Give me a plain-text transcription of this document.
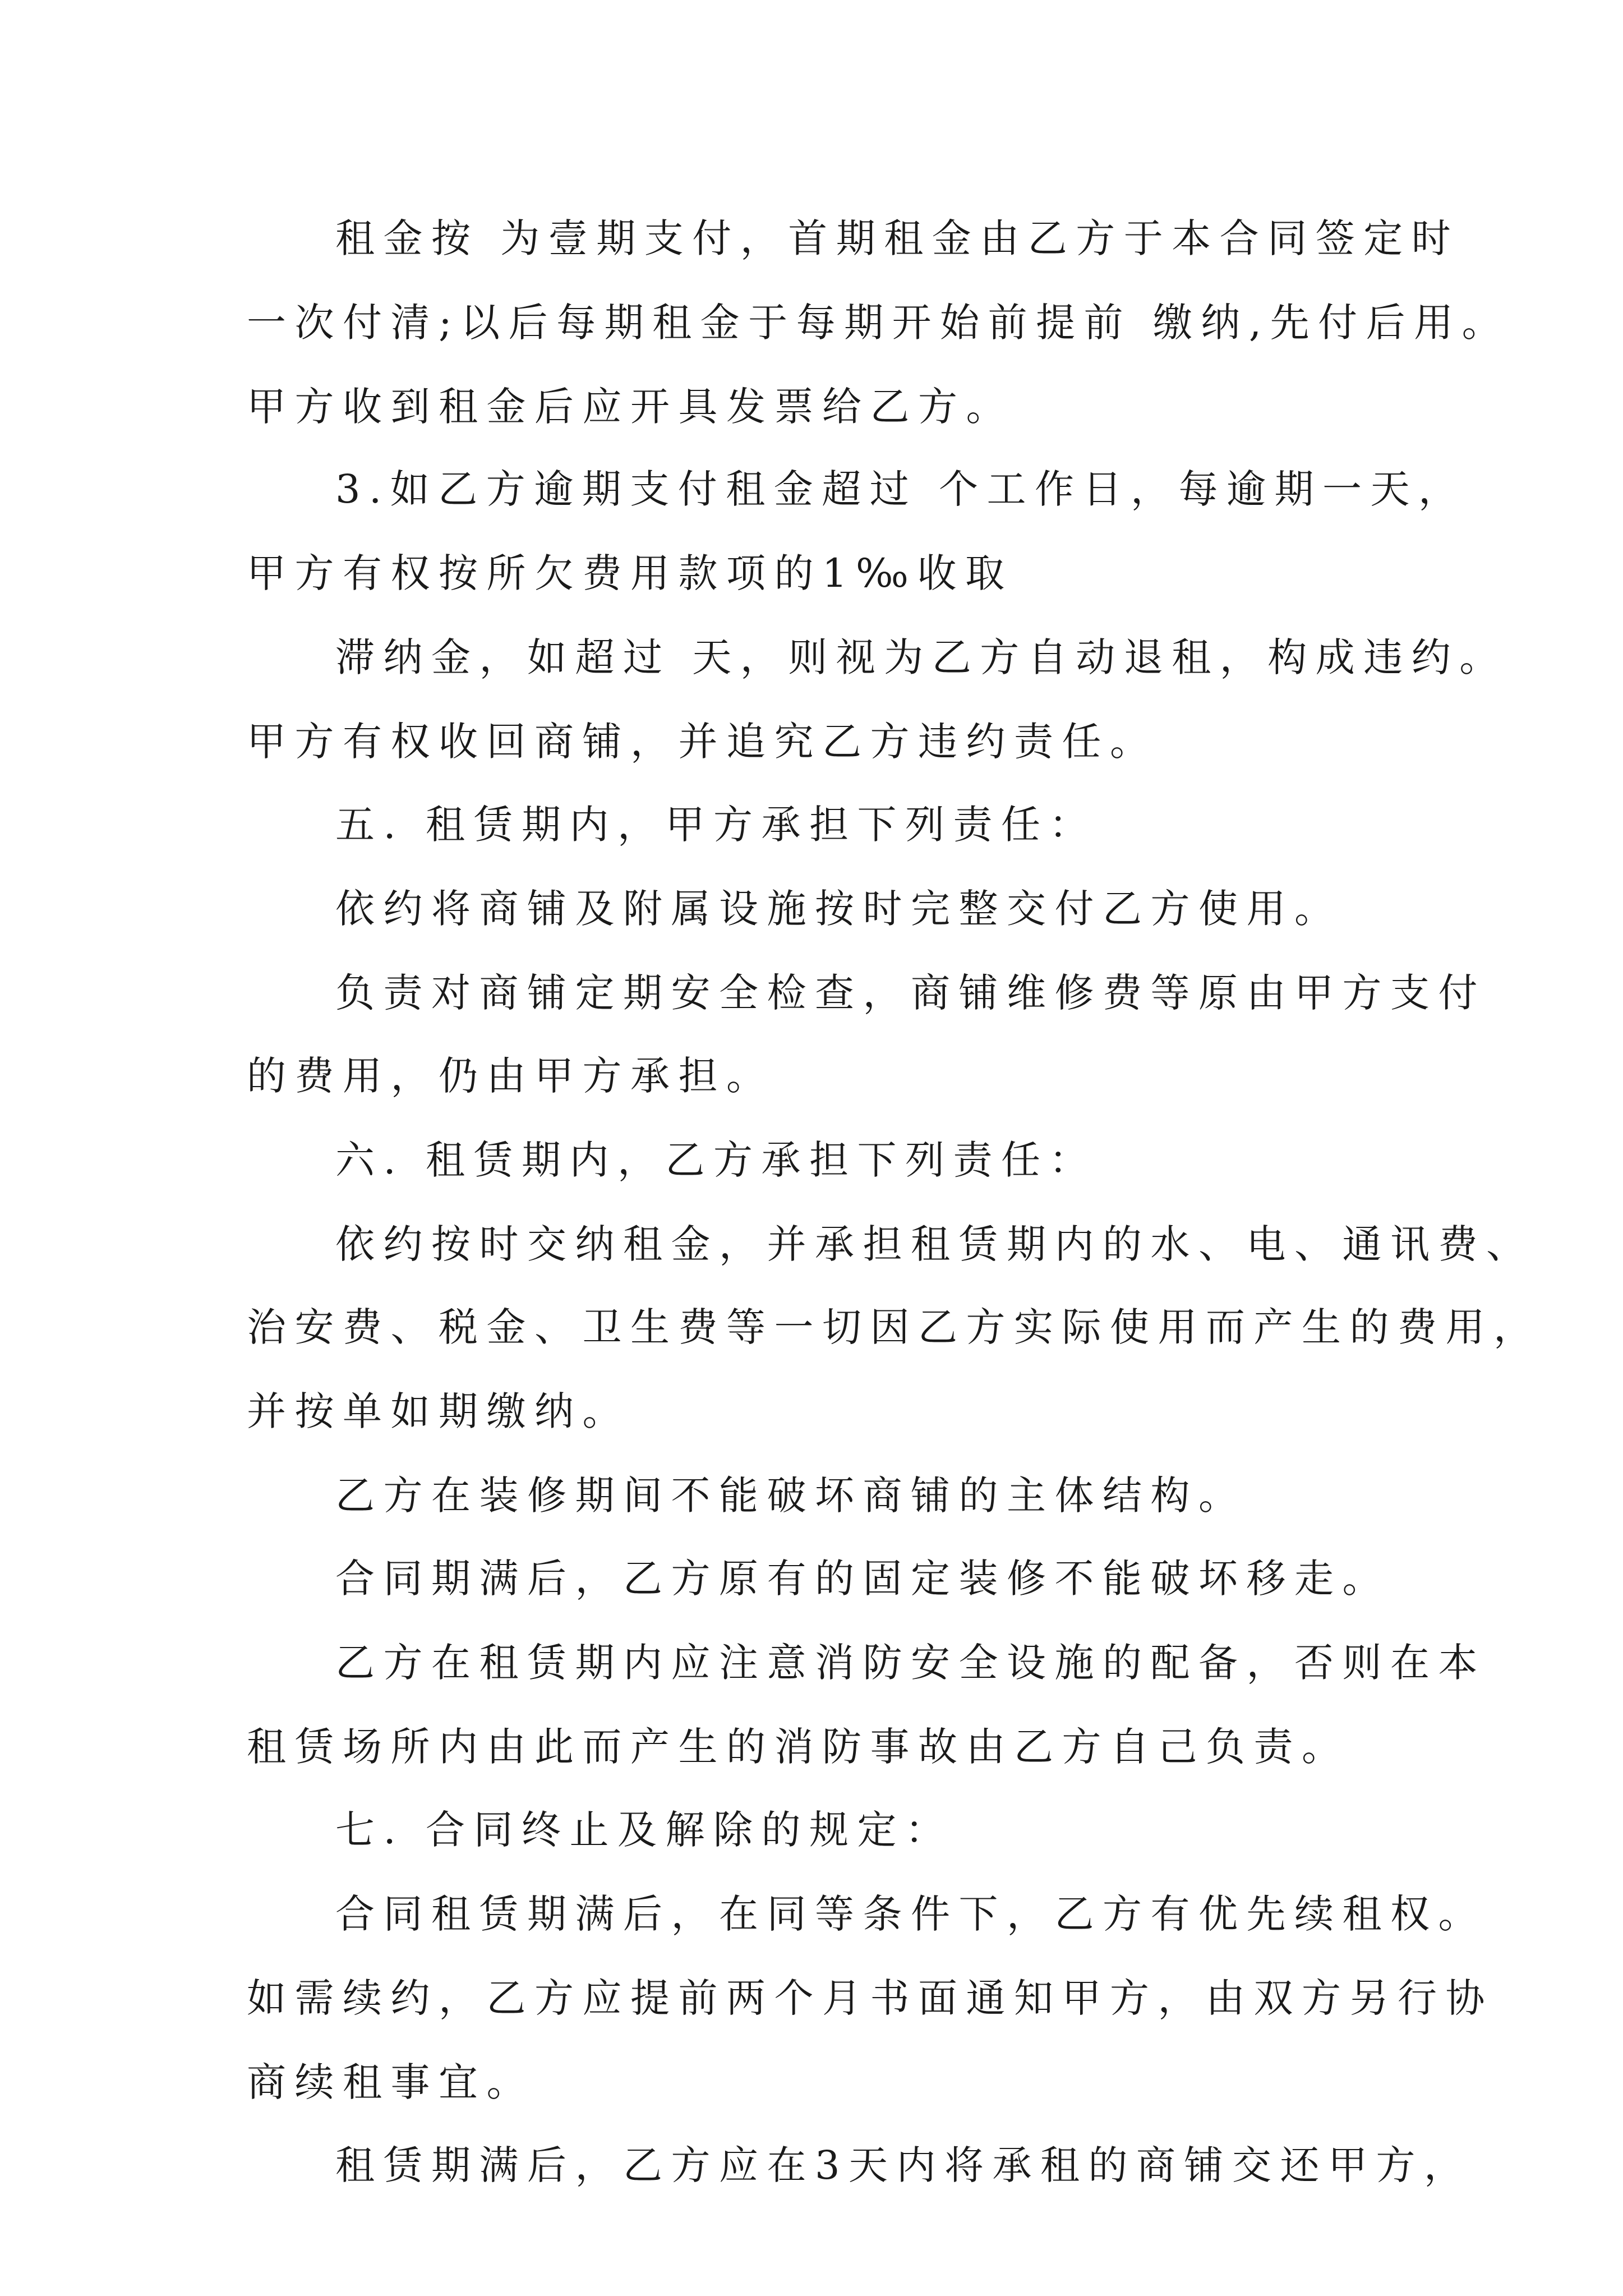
租金按 为壹期支付，首期租金由乙方于本合同签定时
一次付清;以后每期租金于每期开始前提前 缴纳,先付后用。
甲方收到租金后应开具发票给乙方。
3.如乙方逾期支付租金超过 个工作日，每逾期一天，
甲方有权按所欠费用款项的1‰收取
滞纳金，如超过 天，则视为乙方自动退租，构成违约。
甲方有权收回商铺，并追究乙方违约责任。
五. 租赁期内，甲方承担下列责任：
依约将商铺及附属设施按时完整交付乙方使用。
负责对商铺定期安全检查，商铺维修费等原由甲方支付
的费用，仍由甲方承担。
六. 租赁期内，乙方承担下列责任：
依约按时交纳租金，并承担租赁期内的水、电、通讯费、
治安费、税金、卫生费等一切因乙方实际使用而产生的费用，
并按单如期缴纳。
乙方在装修期间不能破坏商铺的主体结构。
合同期满后，乙方原有的固定装修不能破坏移走。
乙方在租赁期内应注意消防安全设施的配备，否则在本
租赁场所内由此而产生的消防事故由乙方自己负责。
七. 合同终止及解除的规定：
合同租赁期满后，在同等条件下，乙方有优先续租权。
如需续约，乙方应提前两个月书面通知甲方，由双方另行协
商续租事宜。
租赁期满后，乙方应在3天内将承租的商铺交还甲方，
